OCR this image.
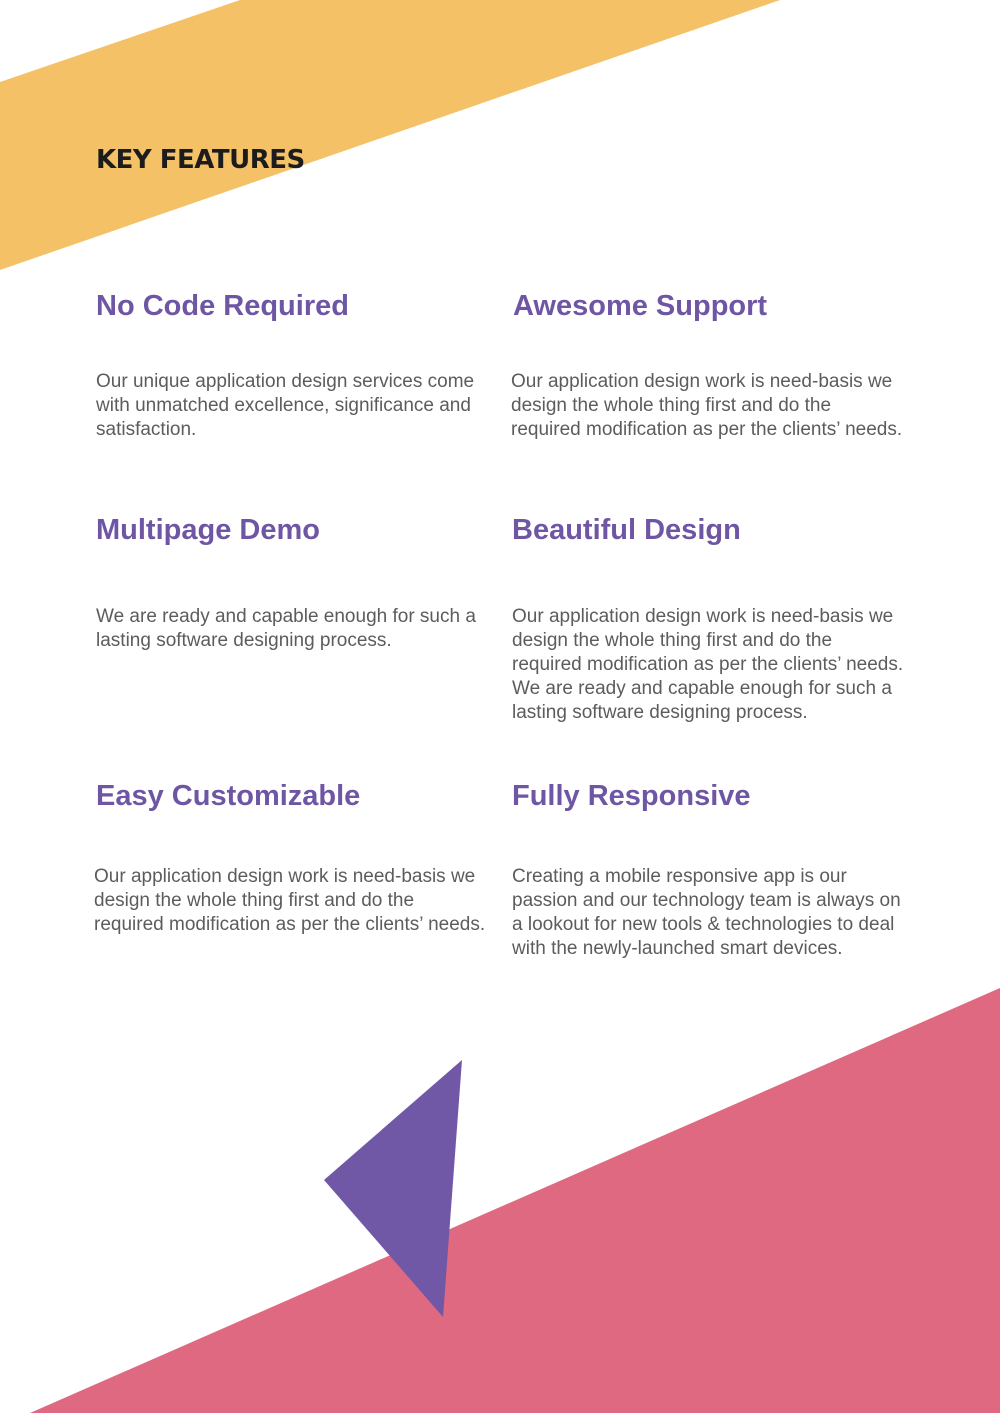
KEY FEATURES
No Code Required

Our unique application design services come with unmatched excellence, significance and satisfaction.

Awesome Support

Our application design work is need-basis we design the whole thing first and do the required modification as per the clients’ needs.

Multipage Demo

We are ready and capable enough for such a lasting software designing process.

Beautiful Design

Our application design work is need-basis we design the whole thing first and do the required modification as per the clients’ needs. We are ready and capable enough for such a lasting software designing process.

Easy Customizable

Our application design work is need-basis we design the whole thing first and do the required modification as per the clients’ needs.

Fully Responsive

Creating a mobile responsive app is our passion and our technology team is always on a lookout for new tools & technologies to deal with the newly-launched smart devices.
